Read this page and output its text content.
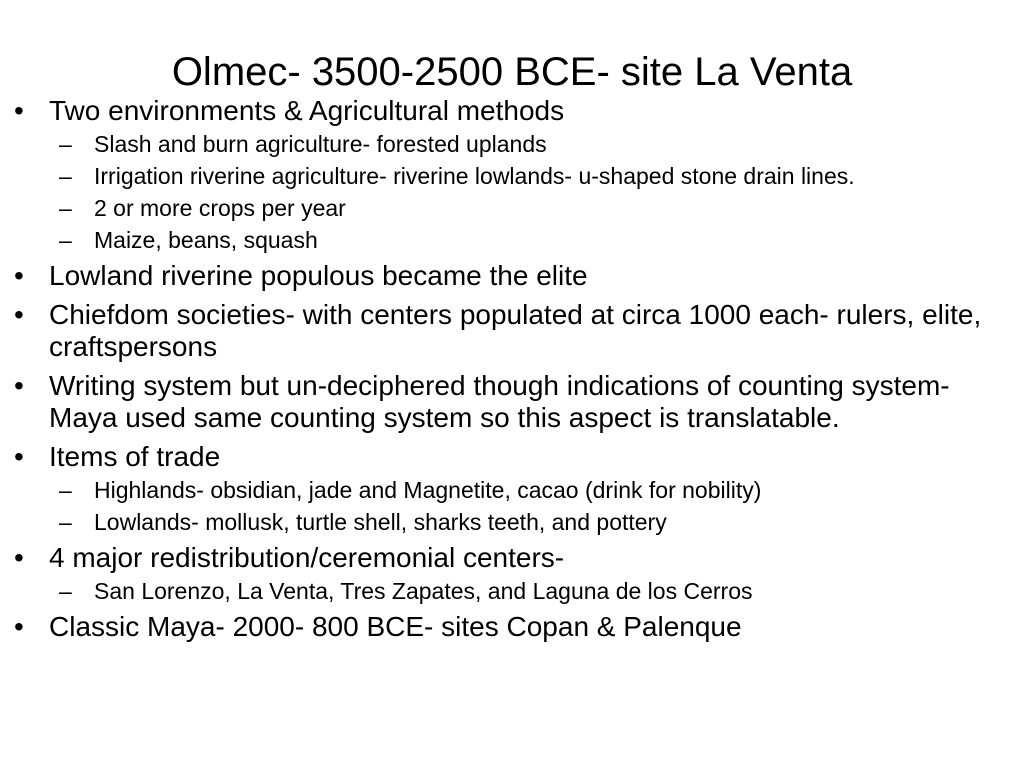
Olmec- 3500-2500 BCE- site La Venta
• Two environments & Agricultural methods
– Slash and burn agriculture- forested uplands
– Irrigation riverine agriculture- riverine lowlands- u-shaped stone drain lines.
– 2 or more crops per year
– Maize, beans, squash
• Lowland riverine populous became the elite
• Chiefdom societies- with centers populated at circa 1000 each- rulers, elite, craftspersons
• Writing system but un-deciphered though indications of counting system- Maya used same counting system so this aspect is translatable.
• Items of trade
– Highlands- obsidian, jade and Magnetite, cacao (drink for nobility)
– Lowlands- mollusk, turtle shell, sharks teeth, and pottery
• 4 major redistribution/ceremonial centers-
– San Lorenzo, La Venta, Tres Zapates, and Laguna de los Cerros
• Classic Maya- 2000- 800 BCE- sites Copan & Palenque
